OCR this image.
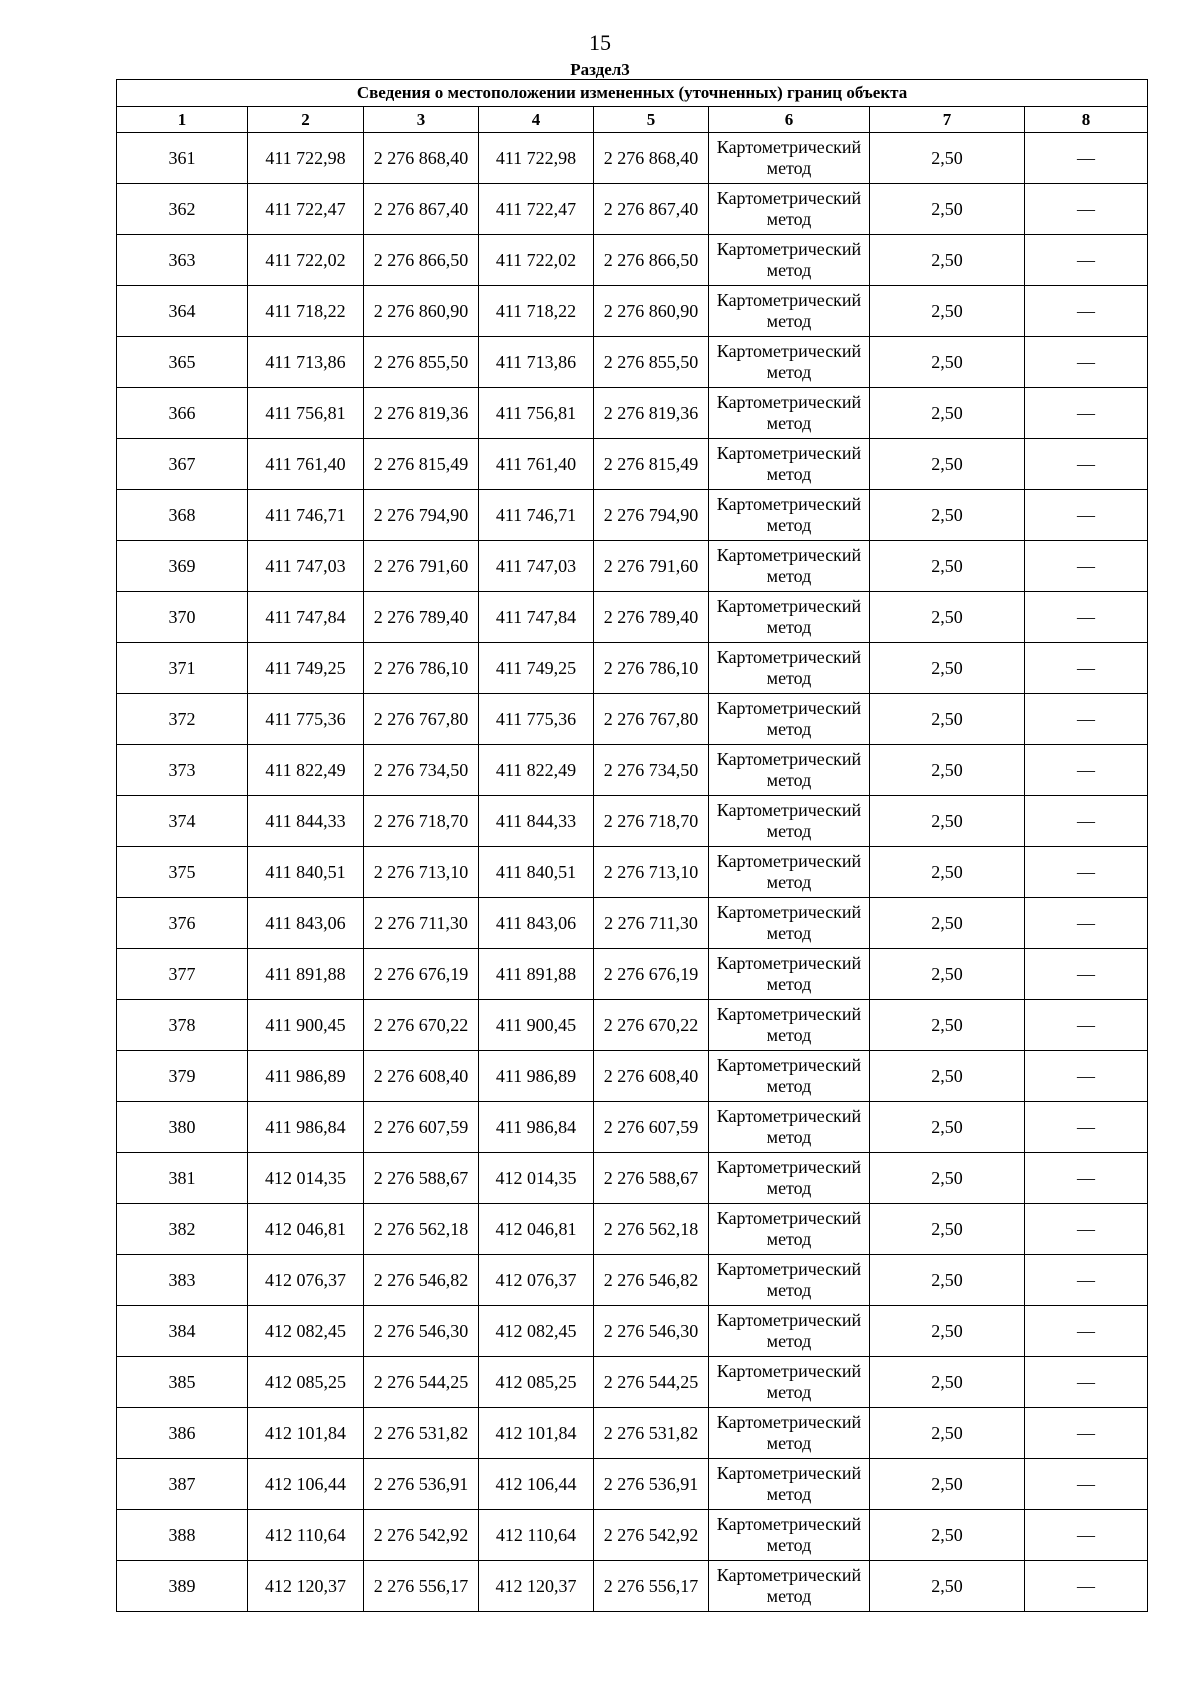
15
Раздел3
Сведения о местоположении измененных (уточненных) границ объекта							
1	2	3	4	5	6	7	8
361	411 722,98	2 276 868,40	411 722,98	2 276 868,40	Картометрический метод	2,50	—
362	411 722,47	2 276 867,40	411 722,47	2 276 867,40	Картометрический метод	2,50	—
363	411 722,02	2 276 866,50	411 722,02	2 276 866,50	Картометрический метод	2,50	—
364	411 718,22	2 276 860,90	411 718,22	2 276 860,90	Картометрический метод	2,50	—
365	411 713,86	2 276 855,50	411 713,86	2 276 855,50	Картометрический метод	2,50	—
366	411 756,81	2 276 819,36	411 756,81	2 276 819,36	Картометрический метод	2,50	—
367	411 761,40	2 276 815,49	411 761,40	2 276 815,49	Картометрический метод	2,50	—
368	411 746,71	2 276 794,90	411 746,71	2 276 794,90	Картометрический метод	2,50	—
369	411 747,03	2 276 791,60	411 747,03	2 276 791,60	Картометрический метод	2,50	—
370	411 747,84	2 276 789,40	411 747,84	2 276 789,40	Картометрический метод	2,50	—
371	411 749,25	2 276 786,10	411 749,25	2 276 786,10	Картометрический метод	2,50	—
372	411 775,36	2 276 767,80	411 775,36	2 276 767,80	Картометрический метод	2,50	—
373	411 822,49	2 276 734,50	411 822,49	2 276 734,50	Картометрический метод	2,50	—
374	411 844,33	2 276 718,70	411 844,33	2 276 718,70	Картометрический метод	2,50	—
375	411 840,51	2 276 713,10	411 840,51	2 276 713,10	Картометрический метод	2,50	—
376	411 843,06	2 276 711,30	411 843,06	2 276 711,30	Картометрический метод	2,50	—
377	411 891,88	2 276 676,19	411 891,88	2 276 676,19	Картометрический метод	2,50	—
378	411 900,45	2 276 670,22	411 900,45	2 276 670,22	Картометрический метод	2,50	—
379	411 986,89	2 276 608,40	411 986,89	2 276 608,40	Картометрический метод	2,50	—
380	411 986,84	2 276 607,59	411 986,84	2 276 607,59	Картометрический метод	2,50	—
381	412 014,35	2 276 588,67	412 014,35	2 276 588,67	Картометрический метод	2,50	—
382	412 046,81	2 276 562,18	412 046,81	2 276 562,18	Картометрический метод	2,50	—
383	412 076,37	2 276 546,82	412 076,37	2 276 546,82	Картометрический метод	2,50	—
384	412 082,45	2 276 546,30	412 082,45	2 276 546,30	Картометрический метод	2,50	—
385	412 085,25	2 276 544,25	412 085,25	2 276 544,25	Картометрический метод	2,50	—
386	412 101,84	2 276 531,82	412 101,84	2 276 531,82	Картометрический метод	2,50	—
387	412 106,44	2 276 536,91	412 106,44	2 276 536,91	Картометрический метод	2,50	—
388	412 110,64	2 276 542,92	412 110,64	2 276 542,92	Картометрический метод	2,50	—
389	412 120,37	2 276 556,17	412 120,37	2 276 556,17	Картометрический метод	2,50	—
